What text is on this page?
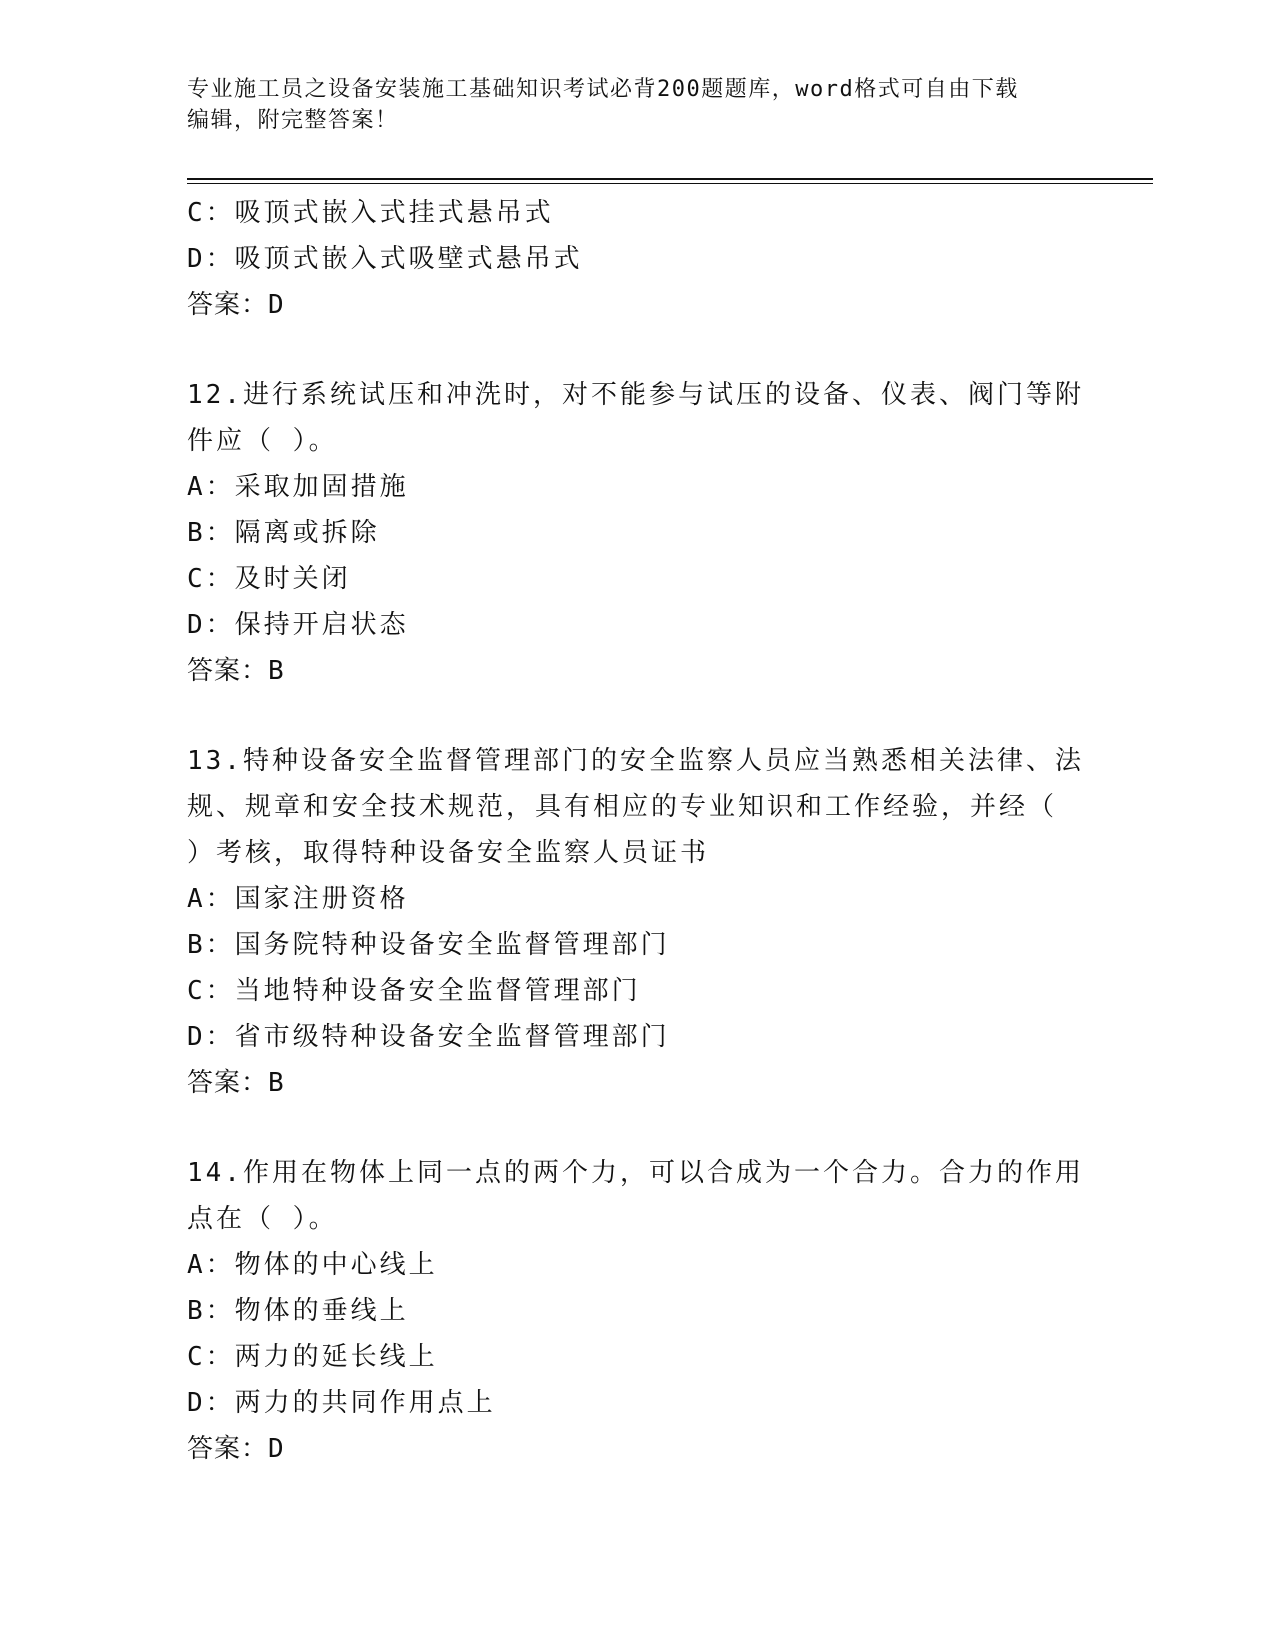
专业施工员之设备安装施工基础知识考试必背200题题库，word格式可自由下载
编辑，附完整答案！
C：吸顶式嵌入式挂式悬吊式
D：吸顶式嵌入式吸壁式悬吊式
答案：D
12.进行系统试压和冲洗时，对不能参与试压的设备、仪表、阀门等附
件应（ ）。
A：采取加固措施
B：隔离或拆除
C：及时关闭
D：保持开启状态
答案：B
13.特种设备安全监督管理部门的安全监察人员应当熟悉相关法律、法
规、规章和安全技术规范，具有相应的专业知识和工作经验，并经（
）考核，取得特种设备安全监察人员证书
A：国家注册资格
B：国务院特种设备安全监督管理部门
C：当地特种设备安全监督管理部门
D：省市级特种设备安全监督管理部门
答案：B
14.作用在物体上同一点的两个力，可以合成为一个合力。合力的作用
点在（ ）。
A：物体的中心线上
B：物体的垂线上
C：两力的延长线上
D：两力的共同作用点上
答案：D
